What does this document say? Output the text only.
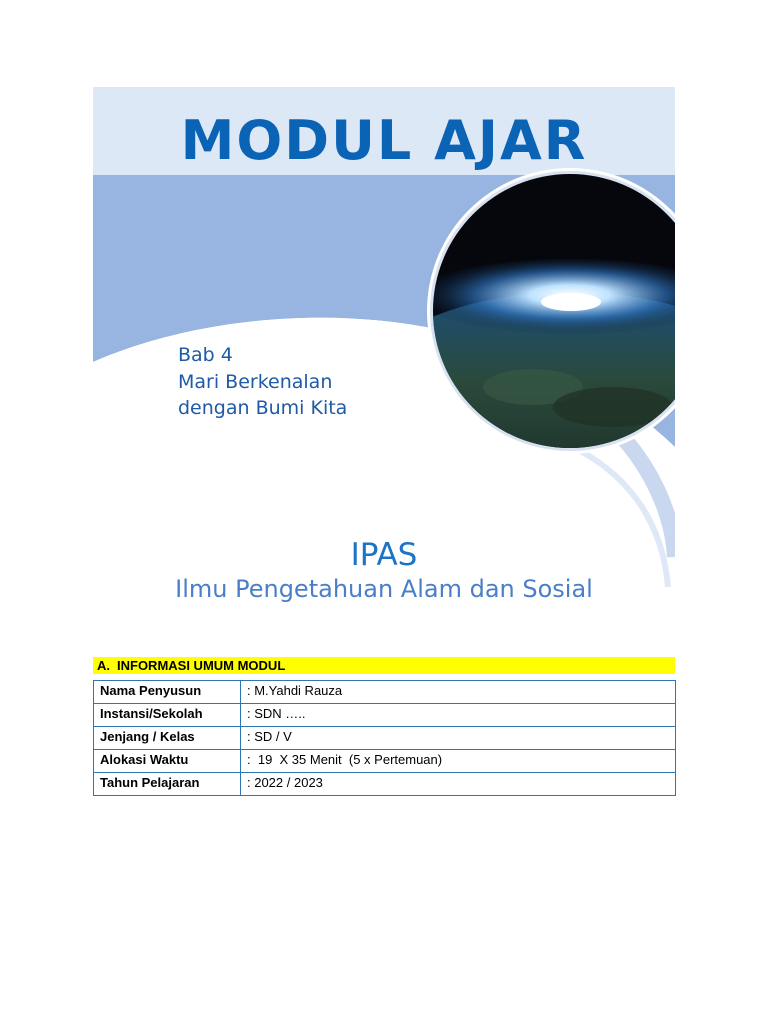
MODUL AJAR
Bab 4
Mari Berkenalan
dengan Bumi Kita
IPAS
Ilmu Pengetahuan Alam dan Sosial
A. INFORMASI UMUM MODUL
Nama Penyusun	: M.Yahdi Rauza
Instansi/Sekolah	: SDN …..
Jenjang / Kelas	: SD / V
Alokasi Waktu	:  19  X 35 Menit  (5 x Pertemuan)
Tahun Pelajaran	: 2022 / 2023
